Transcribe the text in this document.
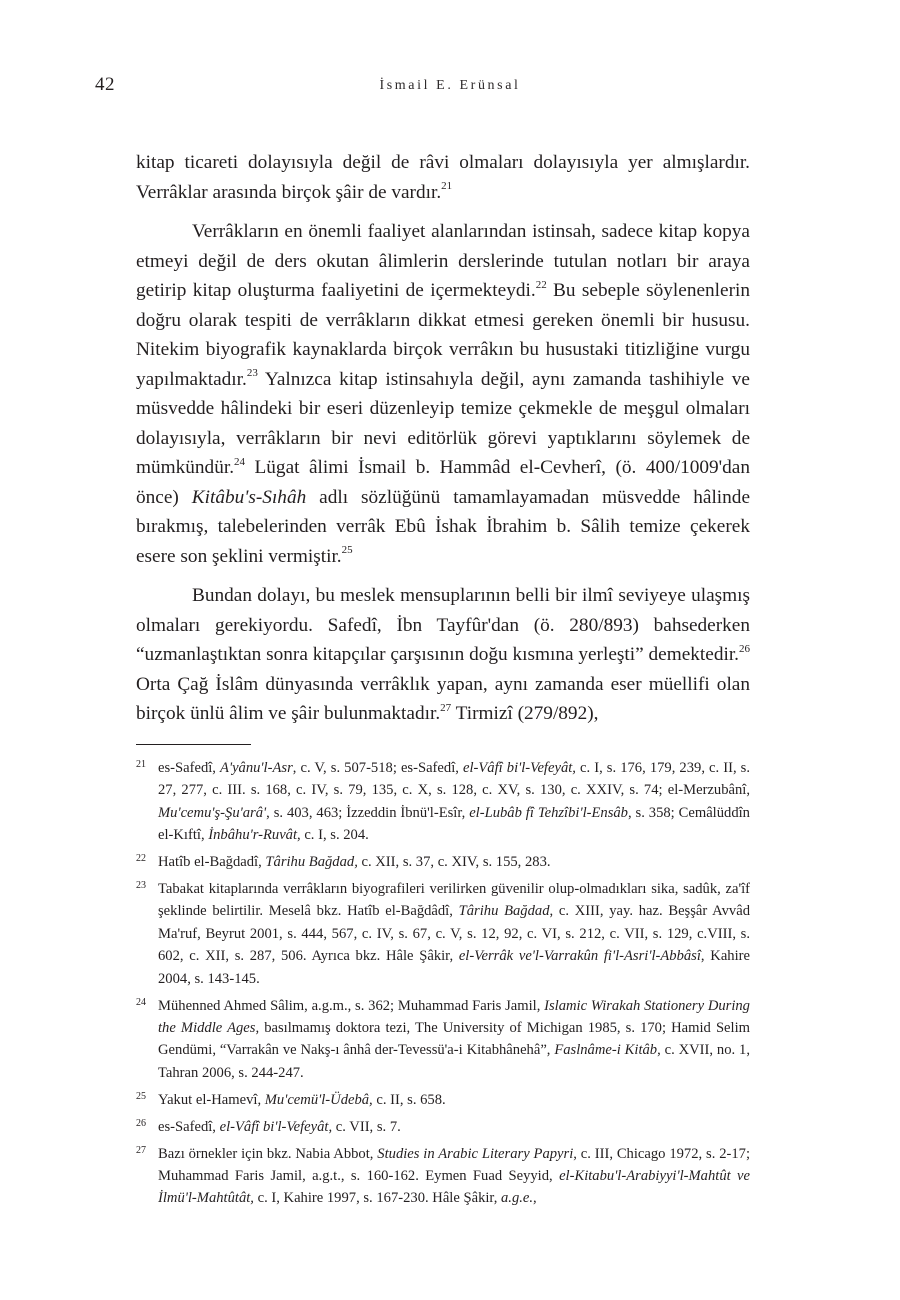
42	İsmail E. Erünsal

kitap ticareti dolayısıyla değil de râvi olmaları dolayısıyla yer almışlardır. Verrâklar arasında birçok şâir de vardır.$^{21}$

Verrâkların en önemli faaliyet alanlarından istinsah, sadece kitap kopya etmeyi değil de ders okutan âlimlerin derslerinde tutulan notları bir araya getirip kitap oluşturma faaliyetini de içermekteydi.$^{22}$ Bu sebeple söylenenlerin doğru olarak tespiti de verrâkların dikkat etmesi gereken önemli bir hususu. Nitekim biyografik kaynaklarda birçok verrâkın bu husustaki titizliğine vurgu yapılmaktadır.$^{23}$ Yalnızca kitap istinsahıyla değil, aynı zamanda tashihiyle ve müsvedde hâlindeki bir eseri düzenleyip temize çekmekle de meşgul olmaları dolayısıyla, verrâkların bir nevi editörlük görevi yaptıklarını söylemek de mümkündür.$^{24}$ Lügat âlimi İsmail b. Hammâd el-Cevherî, (ö. 400/1009'dan önce) Kitâbu's-Sıhâh adlı sözlüğünü tamamlayamadan müsvedde hâlinde bırakmış, talebelerinden verrâk Ebû İshak İbrahim b. Sâlih temize çekerek esere son şeklini vermiştir.$^{25}$

Bundan dolayı, bu meslek mensuplarının belli bir ilmî seviyeye ulaşmış olmaları gerekiyordu. Safedî, İbn Tayfûr'dan (ö. 280/893) bahsederken “uzmanlaştıktan sonra kitapçılar çarşısının doğu kısmına yerleşti” demektedir.$^{26}$ Orta Çağ İslâm dünyasında verrâklık yapan, aynı zamanda eser müellifi olan birçok ünlü âlim ve şâir bulunmaktadır.$^{27}$ Tirmizî (279/892),

21 es-Safedî, A'yânu'l-Asr, c. V, s. 507-518; es-Safedî, el-Vâfî bi'l-Vefeyât, c. I, s. 176, 179, 239, c. II, s. 27, 277, c. III. s. 168, c. IV, s. 79, 135, c. X, s. 128, c. XV, s. 130, c. XXIV, s. 74; el-Merzubânî, Mu'cemu'ş-Şu'arâ', s. 403, 463; İzzeddin İbnü'l-Esîr, el-Lubâb fî Tehzîbi'l-Ensâb, s. 358; Cemâlüddîn el-Kıftî, İnbâhu'r-Ruvât, c. I, s. 204.
22 Hatîb el-Bağdadî, Târihu Bağdad, c. XII, s. 37, c. XIV, s. 155, 283.
23 Tabakat kitaplarında verrâkların biyografileri verilirken güvenilir olup-olmadıkları sika, sadûk, za'îf şeklinde belirtilir. Meselâ bkz. Hatîb el-Bağdâdî, Târihu Bağdad, c. XIII, yay. haz. Beşşâr Avvâd Ma'ruf, Beyrut 2001, s. 444, 567, c. IV, s. 67, c. V, s. 12, 92, c. VI, s. 212, c. VII, s. 129, c.VIII, s. 602, c. XII, s. 287, 506. Ayrıca bkz. Hâle Şâkir, el-Verrâk ve'l-Varrakûn fi'l-Asri'l-Abbâsî, Kahire 2004, s. 143-145.
24 Mühenned Ahmed Sâlim, a.g.m., s. 362; Muhammad Faris Jamil, Islamic Wirakah Stationery During the Middle Ages, basılmamış doktora tezi, The University of Michigan 1985, s. 170; Hamid Selim Gendümi, “Varrakân ve Nakş-ı ânhâ der-Tevessü'a-i Kitabhânehâ”, Faslnâme-i Kitâb, c. XVII, no. 1, Tahran 2006, s. 244-247.
25 Yakut el-Hamevî, Mu'cemü'l-Üdebâ, c. II, s. 658.
26 es-Safedî, el-Vâfî bi'l-Vefeyât, c. VII, s. 7.
27 Bazı örnekler için bkz. Nabia Abbot, Studies in Arabic Literary Papyri, c. III, Chicago 1972, s. 2-17; Muhammad Faris Jamil, a.g.t., s. 160-162. Eymen Fuad Seyyid, el-Kitabu'l-Arabiyyi'l-Mahtût ve İlmü'l-Mahtûtât, c. I, Kahire 1997, s. 167-230. Hâle Şâkir, a.g.e.,
